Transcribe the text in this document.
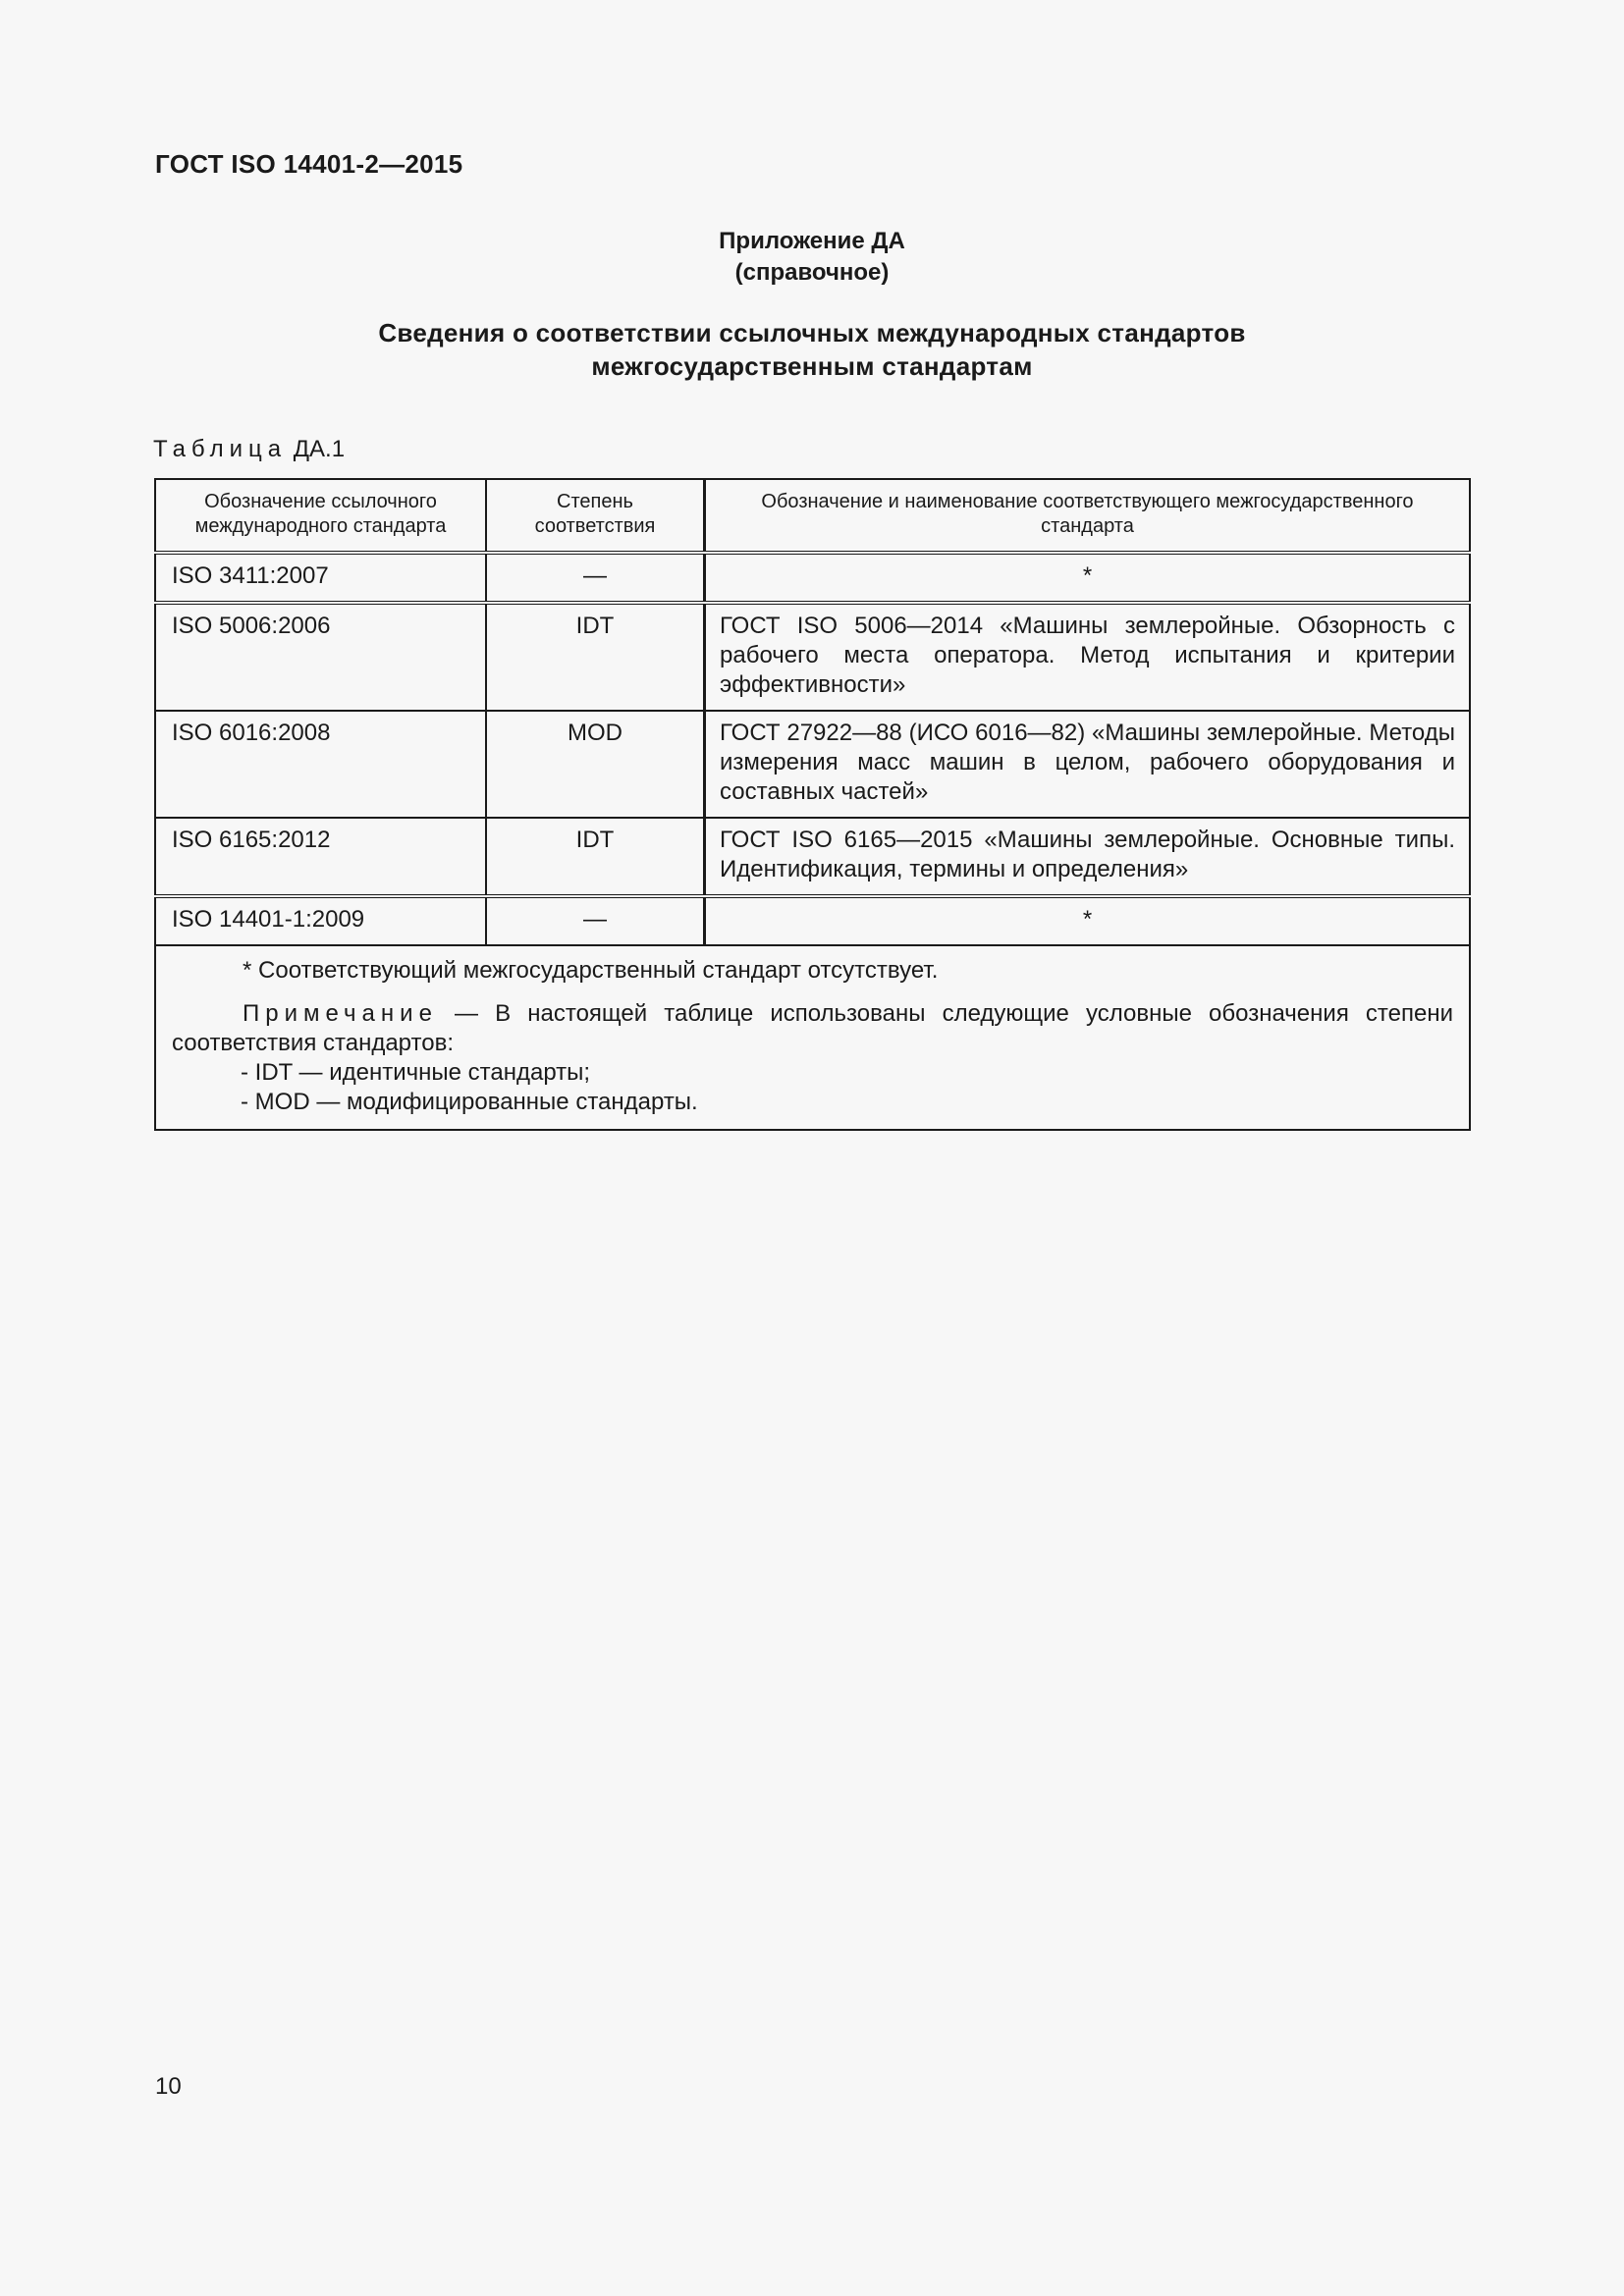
ГОСТ ISO 14401-2—2015
Приложение ДА
(справочное)
Сведения о соответствии ссылочных международных стандартов
межгосударственным стандартам
Таблица ДА.1
Обозначение ссылочного международного стандарта	Степень соответствия	Обозначение и наименование соответствующего межгосударственного стандарта
ISO 3411:2007	—	*
ISO 5006:2006	IDT	ГОСТ ISO 5006—2014 «Машины землеройные. Обзорность с рабочего места оператора. Метод испытания и критерии эффективности»
ISO 6016:2008	MOD	ГОСТ 27922—88 (ИСО 6016—82) «Машины землеройные. Методы измерения масс машин в целом, рабочего оборудования и составных частей»
ISO 6165:2012	IDT	ГОСТ ISO 6165—2015 «Машины землеройные. Основные типы. Идентификация, термины и определения»
ISO 14401-1:2009	—	*

* Соответствующий межгосударственный стандарт отсутствует.
Примечание — В настоящей таблице использованы следующие условные обозначения степени соответствия стандартов:
- IDT — идентичные стандарты;
- MOD — модифицированные стандарты.		
10
